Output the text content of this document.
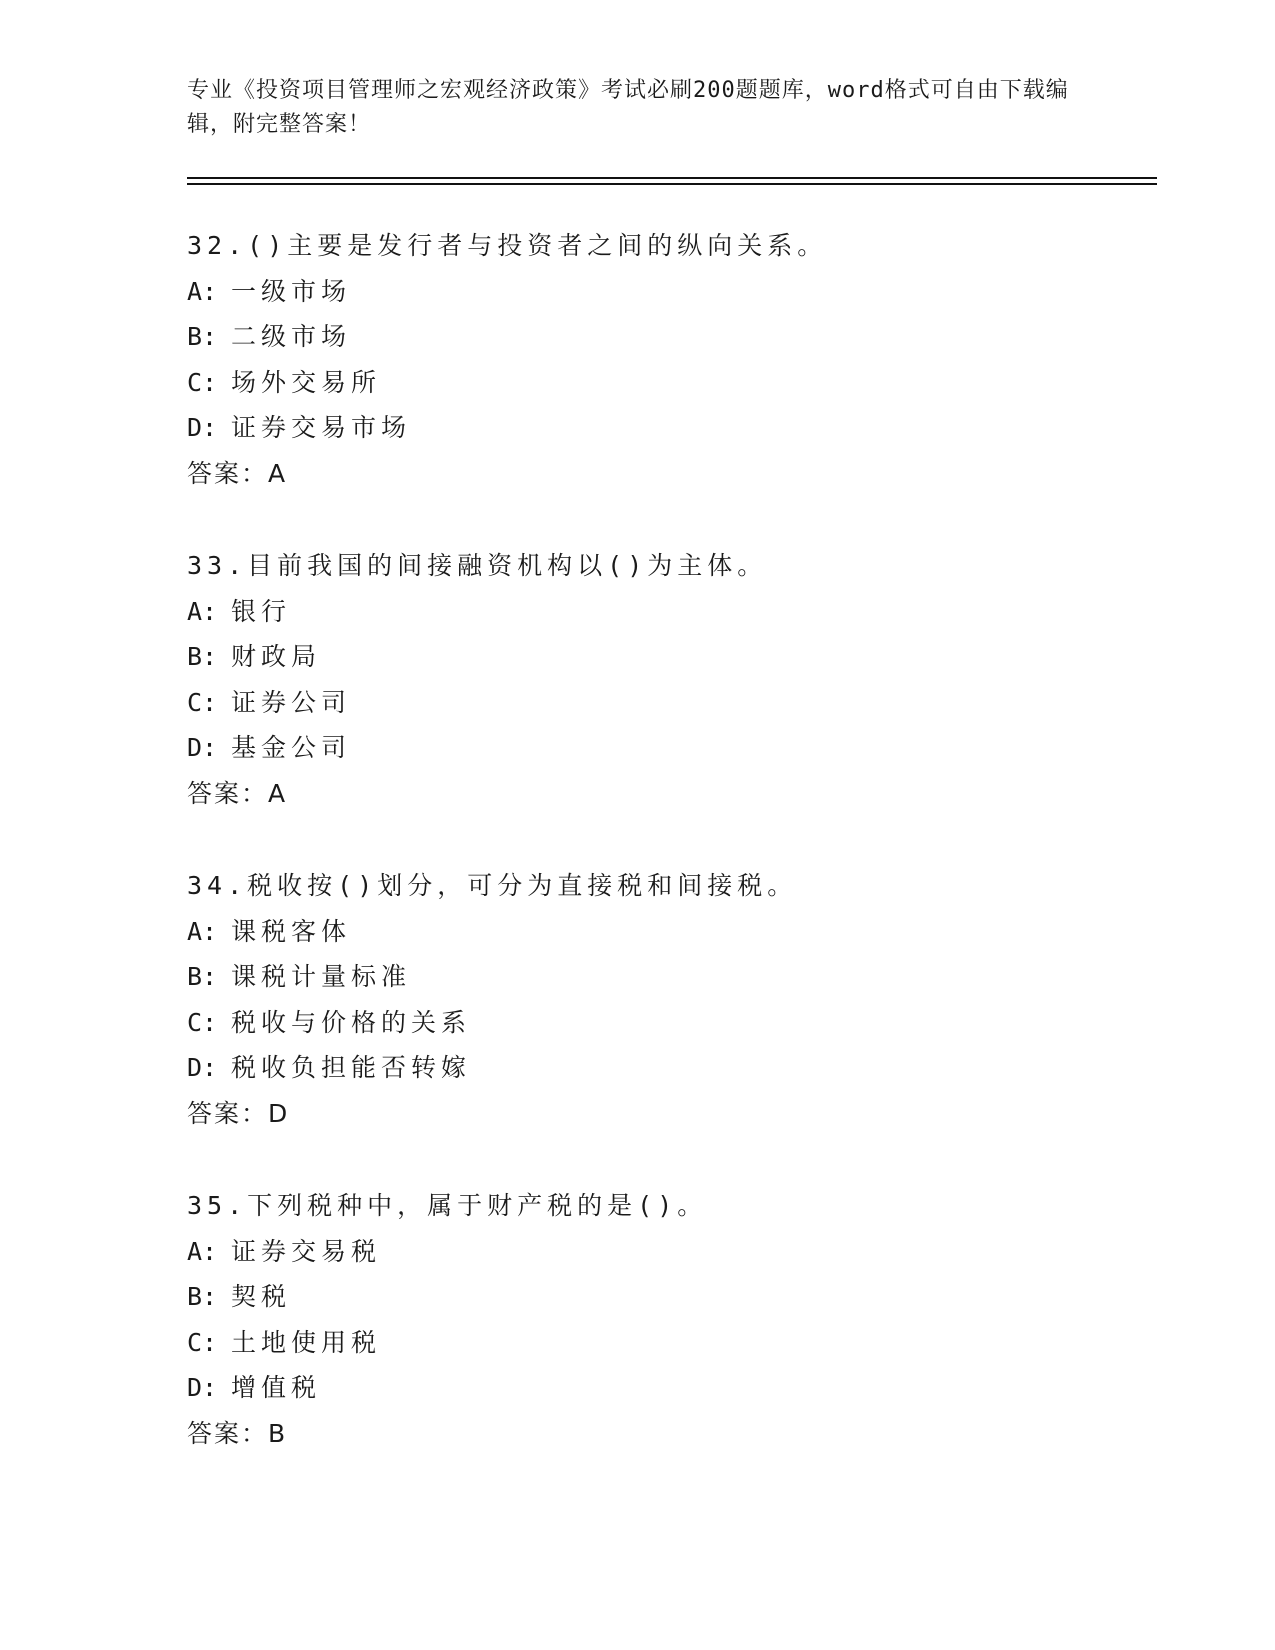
专业《投资项目管理师之宏观经济政策》考试必刷200题题库，word格式可自由下载编辑，附完整答案！
32.()主要是发行者与投资者之间的纵向关系。
A: 一级市场
B: 二级市场
C: 场外交易所
D: 证券交易市场
答案：A
33.目前我国的间接融资机构以()为主体。
A: 银行
B: 财政局
C: 证券公司
D: 基金公司
答案：A
34.税收按()划分，可分为直接税和间接税。
A: 课税客体
B: 课税计量标准
C: 税收与价格的关系
D: 税收负担能否转嫁
答案：D
35.下列税种中，属于财产税的是()。
A: 证券交易税
B: 契税
C: 土地使用税
D: 增值税
答案：B
